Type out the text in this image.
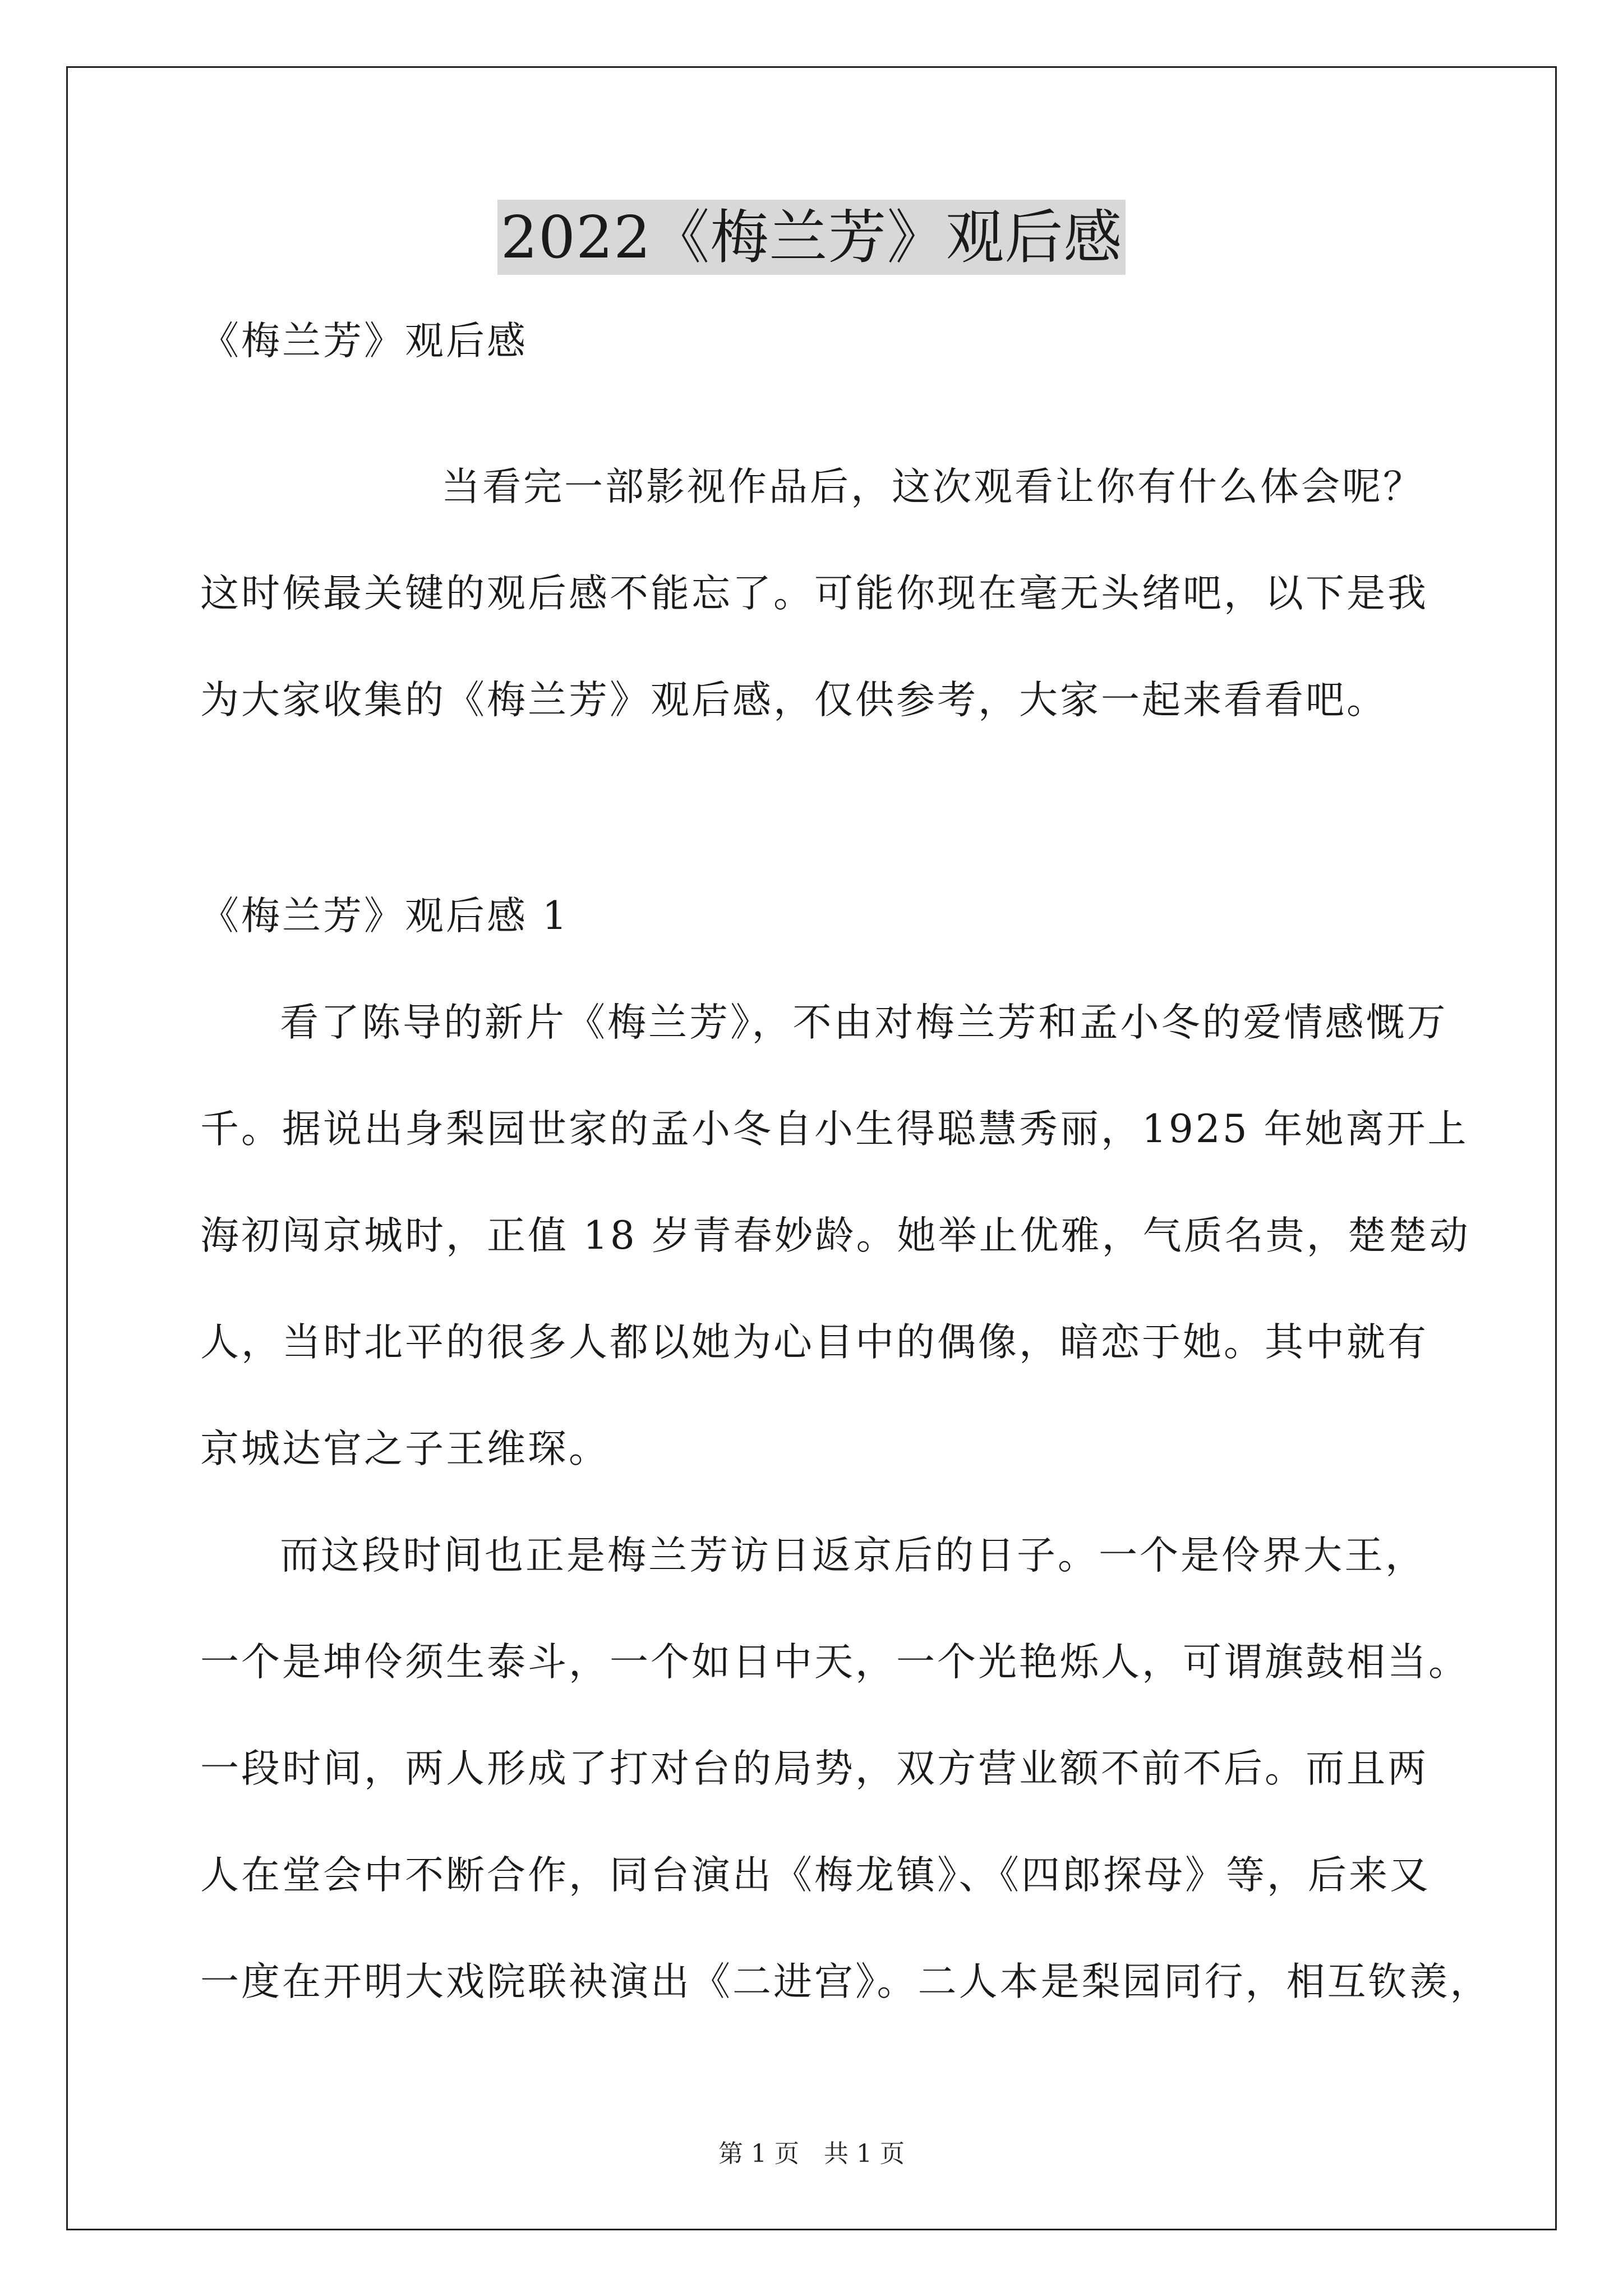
2022《梅兰芳》观后感
《梅兰芳》观后感
当看完一部影视作品后，这次观看让你有什么体会呢？
这时候最关键的观后感不能忘了。可能你现在毫无头绪吧，以下是我
为大家收集的《梅兰芳》观后感，仅供参考，大家一起来看看吧。
《梅兰芳》观后感 1
看了陈导的新片《梅兰芳》，不由对梅兰芳和孟小冬的爱情感慨万
千。据说出身梨园世家的孟小冬自小生得聪慧秀丽，1925 年她离开上
海初闯京城时，正值 18 岁青春妙龄。她举止优雅，气质名贵，楚楚动
人，当时北平的很多人都以她为心目中的偶像，暗恋于她。其中就有
京城达官之子王维琛。
而这段时间也正是梅兰芳访日返京后的日子。一个是伶界大王，
一个是坤伶须生泰斗，一个如日中天，一个光艳烁人，可谓旗鼓相当。
一段时间，两人形成了打对台的局势，双方营业额不前不后。而且两
人在堂会中不断合作，同台演出《梅龙镇》、《四郎探母》等，后来又
一度在开明大戏院联袂演出《二进宫》。二人本是梨园同行，相互钦羡，
第 1 页　共 1 页
